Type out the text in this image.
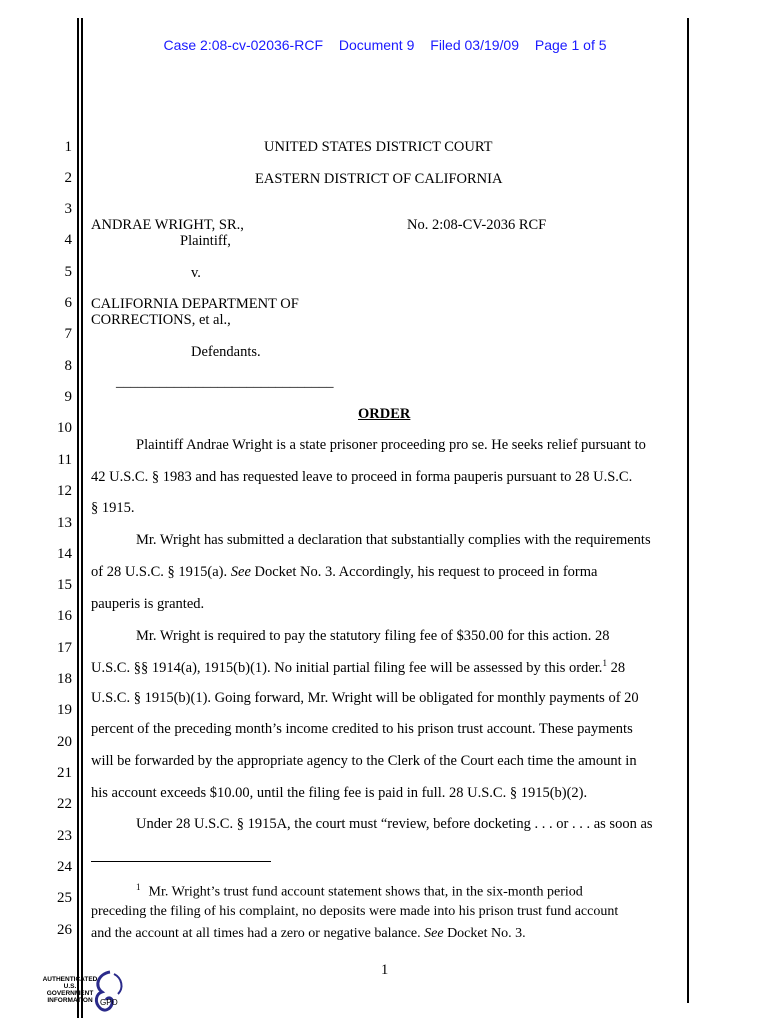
Case 2:08-cv-02036-RCF Document 9 Filed 03/19/09 Page 1 of 5
1
2
3
4
5
6
7
8
9
10
11
12
13
14
15
16
17
18
19
20
21
22
23
24
25
26
UNITED STATES DISTRICT COURT
EASTERN DISTRICT OF CALIFORNIA
ANDRAE WRIGHT, SR.,
Plaintiff,
No. 2:08-CV-2036 RCF
v.
CALIFORNIA DEPARTMENT OF
CORRECTIONS, et al.,
Defendants.
______________________________
ORDER
Plaintiff Andrae Wright is a state prisoner proceeding pro se. He seeks relief pursuant to
42 U.S.C. § 1983 and has requested leave to proceed in forma pauperis pursuant to 28 U.S.C.
§ 1915.
Mr. Wright has submitted a declaration that substantially complies with the requirements
of 28 U.S.C. § 1915(a). See Docket No. 3. Accordingly, his request to proceed in forma
pauperis is granted.
Mr. Wright is required to pay the statutory filing fee of $350.00 for this action. 28
U.S.C. §§ 1914(a), 1915(b)(1). No initial partial filing fee will be assessed by this order.$^1$ 28
U.S.C. § 1915(b)(1). Going forward, Mr. Wright will be obligated for monthly payments of 20
percent of the preceding month’s income credited to his prison trust account. These payments
will be forwarded by the appropriate agency to the Clerk of the Court each time the amount in
his account exceeds $10.00, until the filing fee is paid in full. 28 U.S.C. § 1915(b)(2).
Under 28 U.S.C. § 1915A, the court must “review, before docketing . . . or . . . as soon as
$^1$ Mr. Wright’s trust fund account statement shows that, in the six-month period
preceding the filing of his complaint, no deposits were made into his prison trust fund account
and the account at all times had a zero or negative balance. See Docket No. 3.
1
AUTHENTICATED
U.S. GOVERNMENT
INFORMATION GPO
